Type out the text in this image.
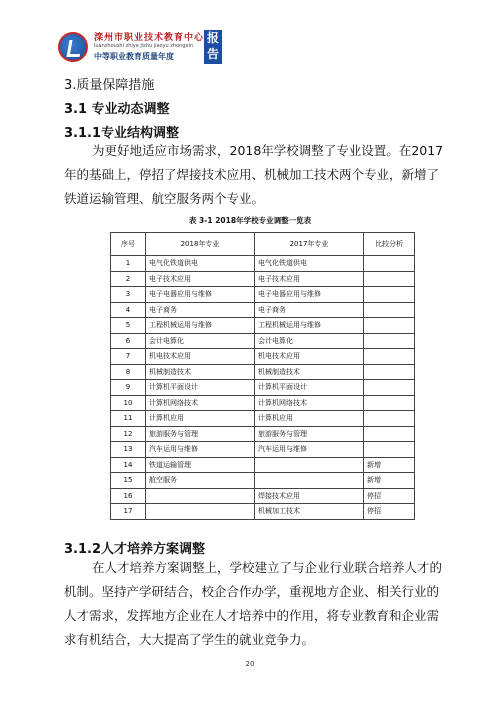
滦州市职业技术教育中心
luanzhoushi zhiye jishu jiaoyu zhongxin
中等职业教育质量年度
报
告
3.质量保障措施
3.1 专业动态调整
3.1.1专业结构调整

为更好地适应市场需求，2018年学校调整了专业设置。在2017年的基础上，停招了焊接技术应用、机械加工技术两个专业，新增了铁道运输管理、航空服务两个专业。

表 3-1 2018年学校专业调整一览表
序号	2018年专业	2017年专业	比较分析
1	电气化铁道供电	电气化铁道供电	
2	电子技术应用	电子技术应用	
3	电子电器应用与维修	电子电器应用与维修	
4	电子商务	电子商务	
5	工程机械运用与维修	工程机械运用与维修	
6	会计电算化	会计电算化	
7	机电技术应用	机电技术应用	
8	机械制造技术	机械制造技术	
9	计算机平面设计	计算机平面设计	
10	计算机网络技术	计算机网络技术	
11	计算机应用	计算机应用	
12	旅游服务与管理	旅游服务与管理	
13	汽车运用与维修	汽车运用与维修	
14	铁道运输管理		新增
15	航空服务		新增
16		焊接技术应用	停招
17		机械加工技术	停招
3.1.2人才培养方案调整

在人才培养方案调整上，学校建立了与企业行业联合培养人才的机制。坚持产学研结合，校企合作办学，重视地方企业、相关行业的人才需求，发挥地方企业在人才培养中的作用，将专业教育和企业需求有机结合，大大提高了学生的就业竞争力。

20
